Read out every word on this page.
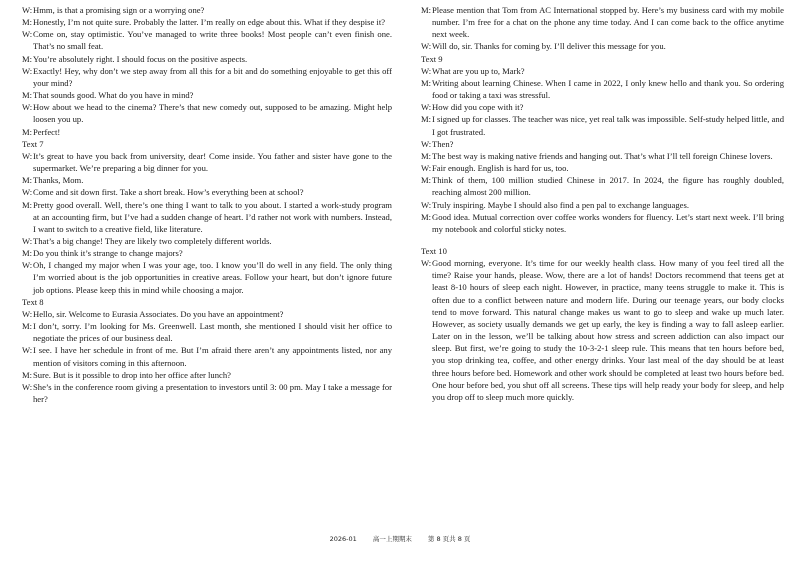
W: Hmm, is that a promising sign or a worrying one?

M: Honestly, I’m not quite sure. Probably the latter. I’m really on edge about this. What if they despise it?

W: Come on, stay optimistic. You’ve managed to write three books! Most people can’t even finish one. That’s no small feat.

M: You’re absolutely right. I should focus on the positive aspects.

W: Exactly! Hey, why don’t we step away from all this for a bit and do something enjoyable to get this off your mind?

M: That sounds good. What do you have in mind?

W: How about we head to the cinema? There’s that new comedy out, supposed to be amazing. Might help loosen you up.

M: Perfect!

Text 7

W: It’s great to have you back from university, dear! Come inside. You father and sister have gone to the supermarket. We’re preparing a big dinner for you.

M: Thanks, Mom.

W: Come and sit down first. Take a short break. How’s everything been at school?

M: Pretty good overall. Well, there’s one thing I want to talk to you about. I started a work-study program at an accounting firm, but I’ve had a sudden change of heart. I’d rather not work with numbers. Instead, I want to switch to a creative field, like literature.

W: That’s a big change! They are likely two completely different worlds.

M: Do you think it’s strange to change majors?

W: Oh, I changed my major when I was your age, too. I know you’ll do well in any field. The only thing I’m worried about is the job opportunities in creative areas. Follow your heart, but don’t ignore future job options. Please keep this in mind while choosing a major.

Text 8

W: Hello, sir. Welcome to Eurasia Associates. Do you have an appointment?

M: I don’t, sorry. I’m looking for Ms. Greenwell. Last month, she mentioned I should visit her office to negotiate the prices of our business deal.

W: I see. I have her schedule in front of me. But I’m afraid there aren’t any appointments listed, nor any mention of visitors coming in this afternoon.

M: Sure. But is it possible to drop into her office after lunch?

W: She’s in the conference room giving a presentation to investors until 3: 00 pm. May I take a message for her?

M: Please mention that Tom from AC International stopped by. Here’s my business card with my mobile number. I’m free for a chat on the phone any time today. And I can come back to the office anytime next week.

W: Will do, sir. Thanks for coming by. I’ll deliver this message for you.

Text 9

W: What are you up to, Mark?

M: Writing about learning Chinese. When I came in 2022, I only knew hello and thank you. So ordering food or taking a taxi was stressful.

W: How did you cope with it?

M: I signed up for classes. The teacher was nice, yet real talk was impossible. Self-study helped little, and I got frustrated.

W: Then?

M: The best way is making native friends and hanging out. That’s what I’ll tell foreign Chinese lovers.

W: Fair enough. English is hard for us, too.

M: Think of them, 100 million studied Chinese in 2017. In 2024, the figure has roughly doubled, reaching almost 200 million.

W: Truly inspiring. Maybe I should also find a pen pal to exchange languages.

M: Good idea. Mutual correction over coffee works wonders for fluency. Let’s start next week. I’ll bring my notebook and colorful sticky notes.

Text 10

W: Good morning, everyone. It’s time for our weekly health class. How many of you feel tired all the time? Raise your hands, please. Wow, there are a lot of hands! Doctors recommend that teens get at least 8-10 hours of sleep each night. However, in practice, many teens struggle to make it. This is often due to a conflict between nature and modern life. During our teenage years, our body clocks tend to move forward. This natural change makes us want to go to sleep and wake up much later. However, as society usually demands we get up early, the key is finding a way to fall asleep earlier. Later on in the lesson, we’ll be talking about how stress and screen addiction can also impact our sleep. But first, we’re going to study the 10-3-2-1 sleep rule. This means that ten hours before bed, you stop drinking tea, coffee, and other energy drinks. Your last meal of the day should be at least three hours before bed. Homework and other work should be completed at least two hours before bed. One hour before bed, you shut off all screens. These tips will help ready your body for sleep, and help you drop off to sleep much more quickly.

2026-01 高一上期期末 第 8 页共 8 页
